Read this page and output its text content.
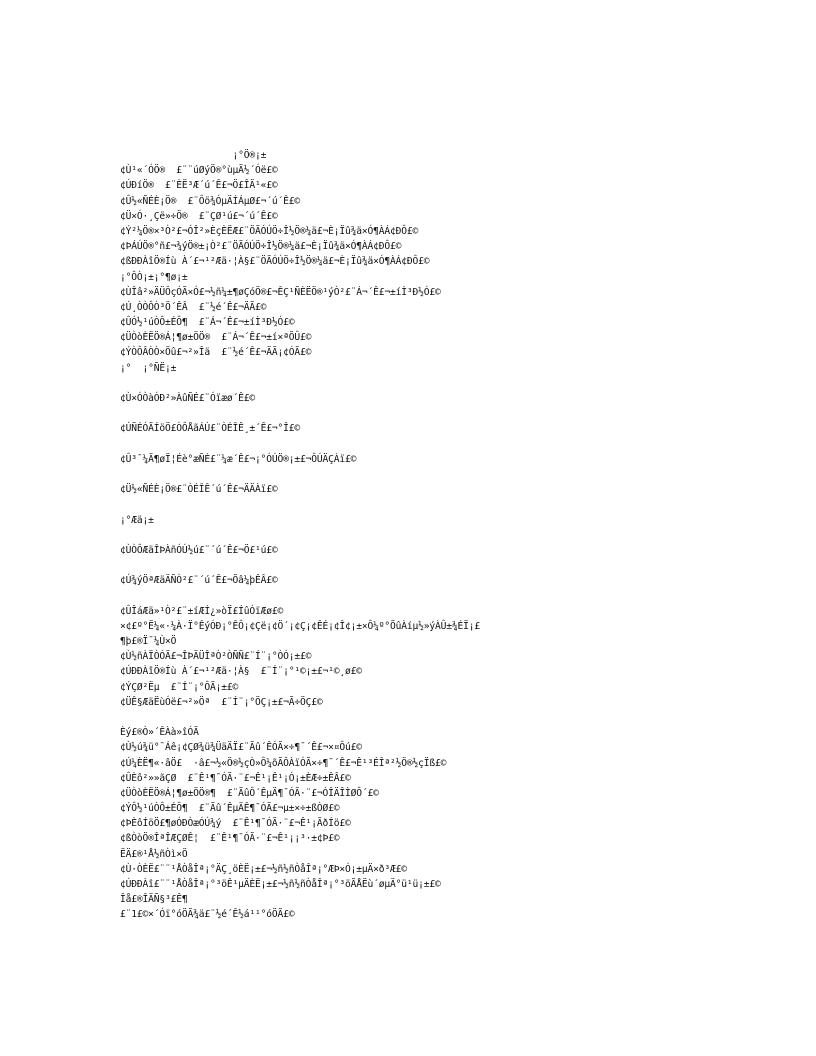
¡°Ö®¡±
¢Ù¹«´ÓÖ®  £¨¨úØýÖ®°ùµÄ½´Óë£©
¢ÚÐíÖ®  £¨ÈË³Æ´ú´Ê£¬Ö£ÎÄ¹«£©
¢Û½«ÑÉÈ¡Ö®  £¨Ôö¾ÓµÄÍÁµØ£¬´ú´Ê£©
¢Ü×Ó·¸Çë»÷Ö®  £¨ÇØ¹ú£¬´ú´Ê£©
¢Ý²¼Ö®×³Ò²£¬ÓÎ²»ÈçÈËÆ£¨ÖÃÓÚÖ÷Î½Ö®¼ä£¬È¡Ïû¾ä×Ó¶ÀÁ¢ÐÔ£©
¢ÞÁÚÖ®°ñ£¬¾ýÖ®±¡Ò²£¨ÖÃÓÚÖ÷Î½Ö®¼ä£¬È¡Ïû¾ä×Ó¶ÀÁ¢ÐÔ£©
¢ßÐÐÀîÖ®Íù À´£¬¹²Æä·¦À§£¨ÖÃÓÚÖ÷Î½Ö®¼ä£¬È¡Ïû¾ä×Ó¶ÀÁ¢ÐÔ£©
¡°ÔÒ¡±¡°¶ø¡±
¢ÙÎâ²»ÄÜÔçÓÃ×Ó£¬½ñ¼±¶øÇóÖ®£¬ÊÇ¹ÑÈËÖ®¹ýÒ²£¨Á¬´Ê£¬±íÌ³Ð½Ó£©
¢Ú¸ÒÒÔÒ³Ö´ÊÂ  £¨½é´Ê£¬ÄÃ£©
¢ÛÓ½¹úÒÔ±ÉÔ¶  £¨Á¬´Ê£¬±íÌ³Ð½Ó£©
¢ÜÒòÈËÖ®Á¦¶ø±ÖÖ®  £¨Á¬´Ê£¬±í×ªÕÛ£©
¢ÝÒÔÂÒÒ×Õû£¬²»Îä  £¨½é´Ê£¬ÄÃ¡¢ÓÃ£©
¡°  ¡°ÑË¡±
¢Ù×ÓÒàÓÐ²»ÀûÑÉ£¨Óïæø´Ê£©
¢ÚÑÉÓÃÍöÖ£ÒÔÅãÁÚ£¨ÒÉÎÊ¸±´Ê£¬°Î£©
¢Û³¯¼Ã¶øÏ¦Éè°æÑÉ£¨¼æ´Ê£¬¡°ÓÚÖ®¡±£¬ÔÚÄÇÀï£©
¢Ü½«ÑÉÈ¡Ö®£¨ÒÉÎÊ´ú´Ê£¬ÄÄÀï£©
¡°Æä¡±
¢ÙÒÔÆäÎÞÀñÓÚ½ú£¨´ú´Ê£¬Ö£¹ú£©
¢Ú¾ýÖªÆäÄÑÒ²£¨´ú´Ê£¬Õâ¼þÊÂ£©
¢ÛÎáÆä»¹Ò²£¨±íÆÍ¿»òÏ£ÍûÓïÆø£©
×¢£º°Ë¼«·¼À·Ï°ÊýÓÐ¡°ÊÔ¡¢Çë¡¢Ö´¡¢Ç¡¢ÊÉ¡¢Î¢¡±×Ô¼º°ÕûÀíµ½»ýÀÛ±¾ÉÏ¡£
¶þ£®Ï¯¼Ù×Ö
¢Ù½ñÀÏÒÓÃ£¬ÎÞÄÜÎªÒ²ÒÑÑ£¨Í¨¡°ÒÓ¡±£©
¢ÚÐÐÀîÖ®Íù À´£¬¹²Æä·¦À§  £¨Í¨¡°¹©¡±£¬¹©¸ø£©
¢ÝÇØ²Ëµ  £¨Í¨¡°ÔÃ¡±£©
¢ÜÊ§ÆäËùÓë£¬²»Öª  £¨Í¨¡°ÖÇ¡±£¬Ã÷ÖÇ£©
Èý£®Ò»´ÊÀà»îÓÃ
¢Ù½ú¾ü°¯Áê¡¢ÇØ¾ü¾ÜäÄÏ£¨Ãû´ÊÓÃ×÷¶¯´Ê£¬×¤Ôú£©
¢Ú¼ÈË¶«·âÖ£  ·â£¬½«Ö®½çÒ»Ô¼õÃÔÀïÓÃ×÷¶¯´Ê£¬Ê¹³ÉÎª²½Ö®½çÏß£©
¢ÛÈô²»»ãÇØ  £¨Ê¹¶¯ÓÃ·¨£¬Ê¹¡Ê¹¡Ó¡±ÈÆ÷±ÊÂ£©
¢ÜÒòÈËÖ®Á¦¶ø±ÖÖ®¶  £¨ÃûÔ´ÊµÄ¶¯ÓÃ·¨£¬ÓÎÄÎÌØÔ´£©
¢ÝÔ½¹úÒÔ±ÉÔ¶  £¨Ãû´ÊµÄÊ¶¯ÓÃ£¬µ±×÷±ßÒØ£©
¢ÞÈôÍöÖ£¶øÓÐÒæÓÚ¾ý  £¨Ê¹¶¯ÓÃ·¨£¬Ê¹¡ÃðÍö£©
¢ßÒòÖ®ÎªÎÆÇØÊ¦  £¨Ê¹¶¯ÓÃ·¨£¬Ê¹¡¡³·±¢Þ£©
ËÄ£®¹Å½ñÒì×Ö
¢Ù·ÒÈË£¨¨¹ÅÒåÎª¡°ÄÇ¸öÈË¡±£¬½ñ½ñÒåÎª¡°ÆÞ×Ó¡±µÄ×ð³Æ£©
¢ÚÐÐÀî£¨¨¹ÅÒåÎª¡°³öÊ¹µÄÈË¡±£¬½ñ½ñÒåÎª¡°³öÃÅËù´øµÄ°ü¹ü¡±£©
Îå£®ÎÄÑ§³£Ê¶
£¨1£©×´Óï°óÖÃ¾ä£¨½é´Ê½á¹¹°óÖÃ£©
